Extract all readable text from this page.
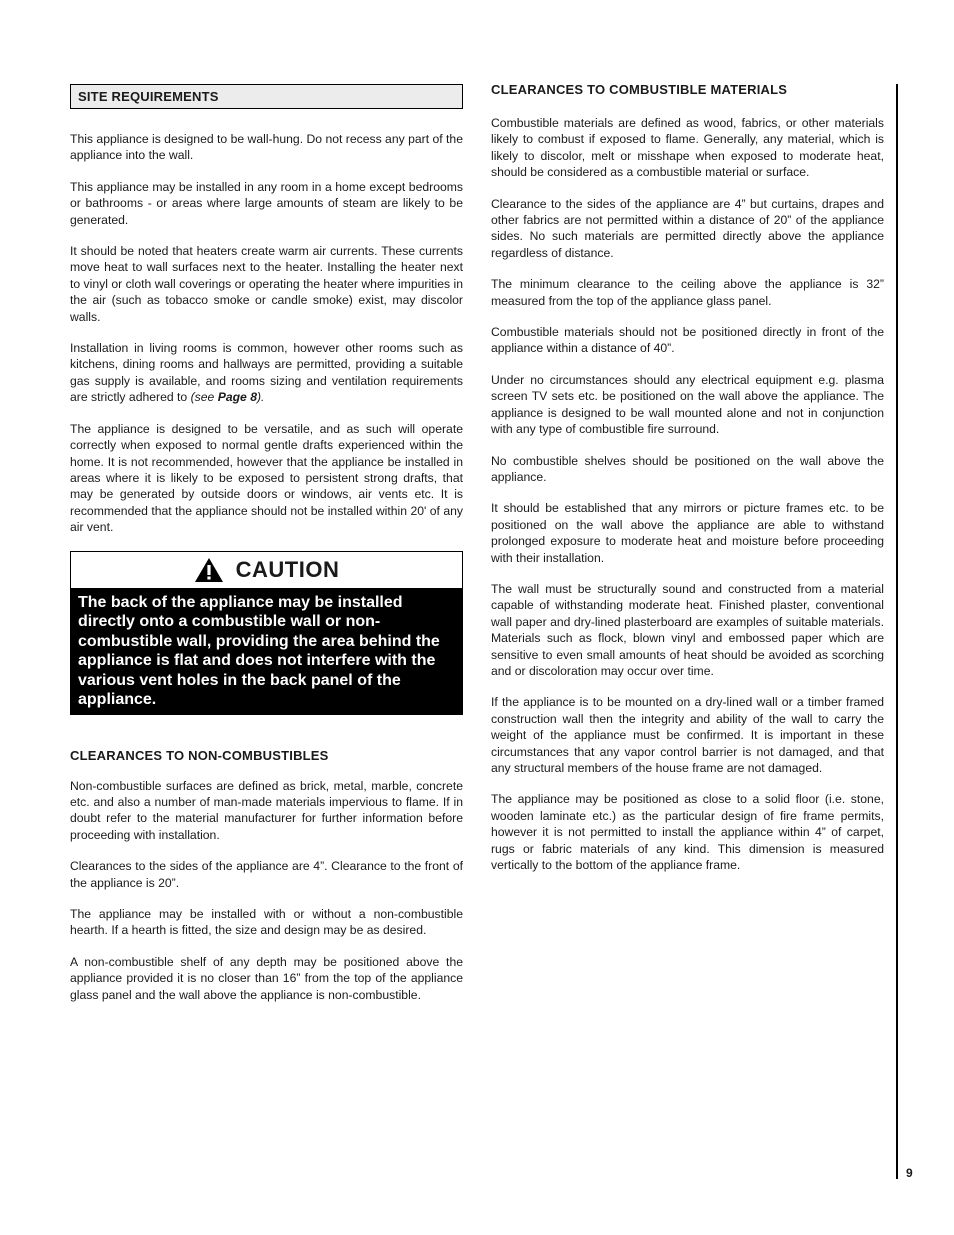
SITE REQUIREMENTS

This appliance is designed to be wall-hung. Do not recess any part of the appliance into the wall.

This appliance may be installed in any room in a home except bedrooms or bathrooms - or areas where large amounts of steam are likely to be generated.

It should be noted that heaters create warm air currents. These currents move heat to wall surfaces next to the heater. Installing the heater next to vinyl or cloth wall coverings or operating the heater where impurities in the air (such as tobacco smoke or candle smoke) exist, may discolor walls.

Installation in living rooms is common, however other rooms such as kitchens, dining rooms and hallways are permitted, providing a suitable gas supply is available, and rooms sizing and ventilation requirements are strictly adhered to (see Page 8).

The appliance is designed to be versatile, and as such will operate correctly when exposed to normal gentle drafts experienced within the home. It is not recommended, however that the appliance be installed in areas where it is likely to be exposed to persistent strong drafts, that may be generated by outside doors or windows, air vents etc. It is recommended that the appliance should not be installed within 20' of any air vent.

CAUTION
The back of the appliance may be installed directly onto a combustible wall or non-combustible wall, providing the area behind the appliance is flat and does not interfere with the various vent holes in the back panel of the appliance.
CLEARANCES TO NON-COMBUSTIBLES

Non-combustible surfaces are defined as brick, metal, marble, concrete etc. and also a number of man-made materials impervious to flame. If in doubt refer to the material manufacturer for further information before proceeding with installation.

Clearances to the sides of the appliance are 4”. Clearance to the front of the appliance is 20”.

The appliance may be installed with or without a non-combustible hearth. If a hearth is fitted, the size and design may be as desired.

A non-combustible shelf of any depth may be positioned above the appliance provided it is no closer than 16” from the top of the appliance glass panel and the wall above the appliance is non-combustible.

CLEARANCES TO COMBUSTIBLE MATERIALS

Combustible materials are defined as wood, fabrics, or other materials likely to combust if exposed to flame. Generally, any material, which is likely to discolor, melt or misshape when exposed to moderate heat, should be considered as a combustible material or surface.

Clearance to the sides of the appliance are 4” but curtains, drapes and other fabrics are not permitted within a distance of 20” of the appliance sides. No such materials are permitted directly above the appliance regardless of distance.

The minimum clearance to the ceiling above the appliance is 32” measured from the top of the appliance glass panel.

Combustible materials should not be positioned directly in front of the appliance within a distance of 40”.

Under no circumstances should any electrical equipment e.g. plasma screen TV sets etc. be positioned on the wall above the appliance. The appliance is designed to be wall mounted alone and not in conjunction with any type of combustible fire surround.

No combustible shelves should be positioned on the wall above the appliance.

It should be established that any mirrors or picture frames etc. to be positioned on the wall above the appliance are able to withstand prolonged exposure to moderate heat and moisture before proceeding with their installation.

The wall must be structurally sound and constructed from a material capable of withstanding moderate heat. Finished plaster, conventional wall paper and dry-lined plasterboard are examples of suitable materials. Materials such as flock, blown vinyl and embossed paper which are sensitive to even small amounts of heat should be avoided as scorching and or discoloration may occur over time.

If the appliance is to be mounted on a dry-lined wall or a timber framed construction wall then the integrity and ability of the wall to carry the weight of the appliance must be confirmed. It is important in these circumstances that any vapor control barrier is not damaged, and that any structural members of the house frame are not damaged.

The appliance may be positioned as close to a solid floor (i.e. stone, wooden laminate etc.) as the particular design of fire frame permits, however it is not permitted to install the appliance within 4” of carpet, rugs or fabric materials of any kind. This dimension is measured vertically to the bottom of the appliance frame.

9
